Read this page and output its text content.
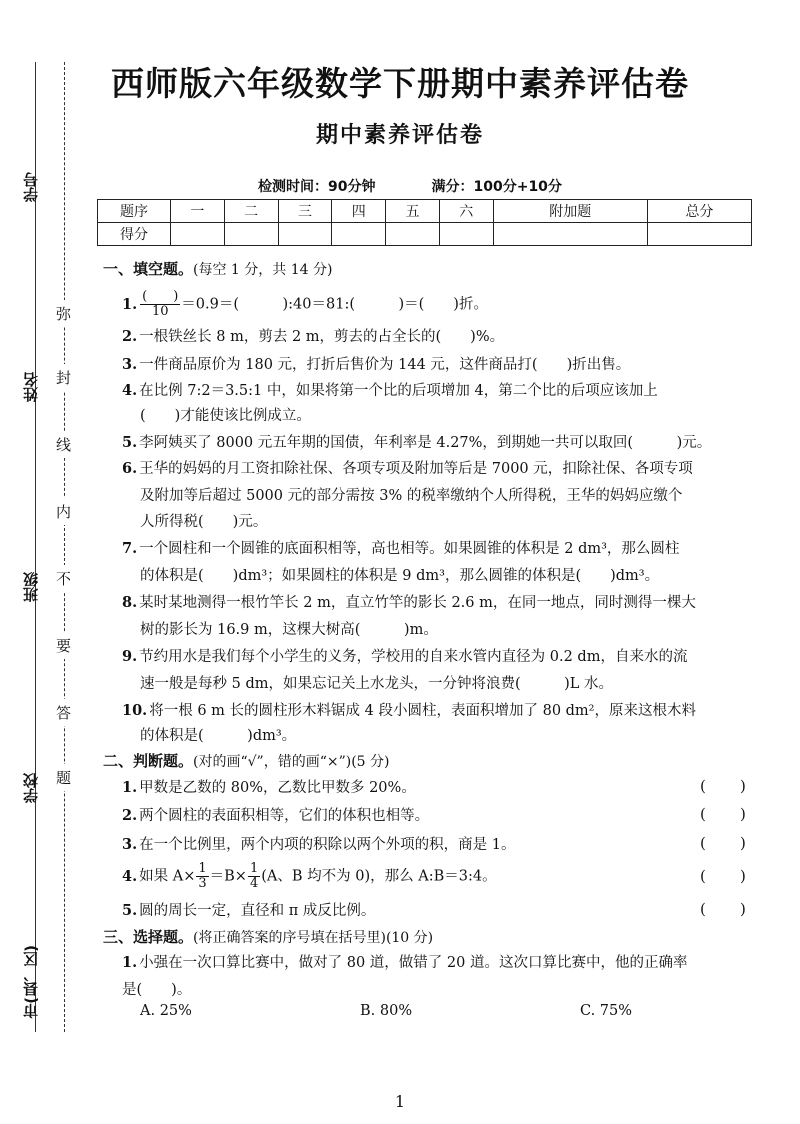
学号
姓名
班级
学校
市(县、区)
弥
封
线
内
不
要
答
题
西师版六年级数学下册期中素养评估卷
期中素养评估卷
检测时间：90分钟	满分：100分+10分
题序	一	二	三	四	五	六	附加题	总分
得分								
一、填空题。(每空 1 分，共 14 分)
1. $\frac{( )}{10} =0.9=$(　　　):40＝81:(　　　)＝(　　)折。
2. 一根铁丝长 8 m，剪去 2 m，剪去的占全长的(　　)%。
3. 一件商品原价为 180 元，打折后售价为 144 元，这件商品打(　　)折出售。
4. 在比例 7:2＝3.5:1 中，如果将第一个比的后项增加 4，第二个比的后项应该加上
(　　)才能使该比例成立。
5. 李阿姨买了 8000 元五年期的国债，年利率是 4.27%，到期她一共可以取回(　　　)元。
6. 王华的妈妈的月工资扣除社保、各项专项及附加等后是 7000 元，扣除社保、各项专项
及附加等后超过 5000 元的部分需按 3% 的税率缴纳个人所得税，王华的妈妈应缴个
人所得税(　　)元。
7. 一个圆柱和一个圆锥的底面积相等，高也相等。如果圆锥的体积是 2 dm³，那么圆柱
的体积是(　　)dm³；如果圆柱的体积是 9 dm³，那么圆锥的体积是(　　)dm³。
8. 某时某地测得一根竹竿长 2 m，直立竹竿的影长 2.6 m，在同一地点，同时测得一棵大
树的影长为 16.9 m，这棵大树高(　　　)m。
9. 节约用水是我们每个小学生的义务，学校用的自来水管内直径为 0.2 dm，自来水的流
速一般是每秒 5 dm，如果忘记关上水龙头，一分钟将浪费(　　　)L 水。
10. 将一根 6 m 长的圆柱形木料锯成 4 段小圆柱，表面积增加了 80 dm²，原来这根木料
的体积是(　　　)dm³。
二、判断题。(对的画“√”，错的画“×”)(5 分)
1. 甲数是乙数的 80%，乙数比甲数多 20%。	( )
2. 两个圆柱的表面积相等，它们的体积也相等。	( )
3. 在一个比例里，两个内项的积除以两个外项的积，商是 1。	( )
4. 如果 $A\times \frac{1}{3} =B\times \frac{1}{4} (A$、B 均不为 0)，那么 A:B＝3:4。	( )
5. 圆的周长一定，直径和 π 成反比例。	( )
三、选择题。(将正确答案的序号填在括号里)(10 分)
1. 小强在一次口算比赛中，做对了 80 道，做错了 20 道。这次口算比赛中，他的正确率
是(　　)。
A. 25%	B. 80%	C. 75%
1
